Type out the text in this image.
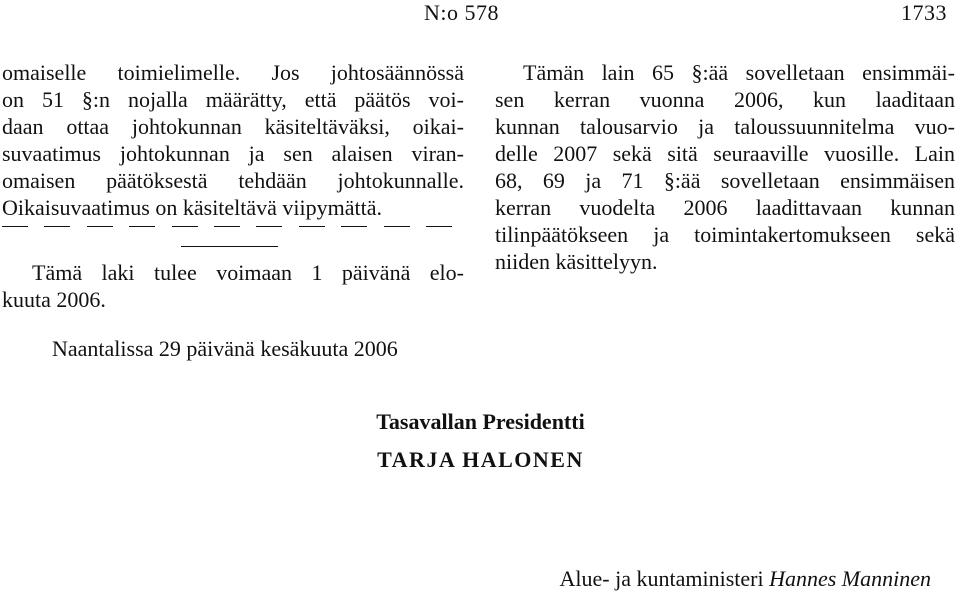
N:o 578	1733
omaiselle toimielimelle. Jos johtosäännössä
on 51 §:n nojalla määrätty, että päätös voi-
daan ottaa johtokunnan käsiteltäväksi, oikai-
suvaatimus johtokunnan ja sen alaisen viran-
omaisen päätöksestä tehdään johtokunnalle.
Oikaisuvaatimus on käsiteltävä viipymättä.
Tämä laki tulee voimaan 1 päivänä elo-
kuuta 2006.
Tämän lain 65 §:ää sovelletaan ensimmäi-
sen kerran vuonna 2006, kun laaditaan
kunnan talousarvio ja taloussuunnitelma vuo-
delle 2007 sekä sitä seuraaville vuosille. Lain
68, 69 ja 71 §:ää sovelletaan ensimmäisen
kerran vuodelta 2006 laadittavaan kunnan
tilinpäätökseen ja toimintakertomukseen sekä
niiden käsittelyyn.
Naantalissa 29 päivänä kesäkuuta 2006
Tasavallan Presidentti
TARJA HALONEN
Alue- ja kuntaministeri Hannes Manninen
